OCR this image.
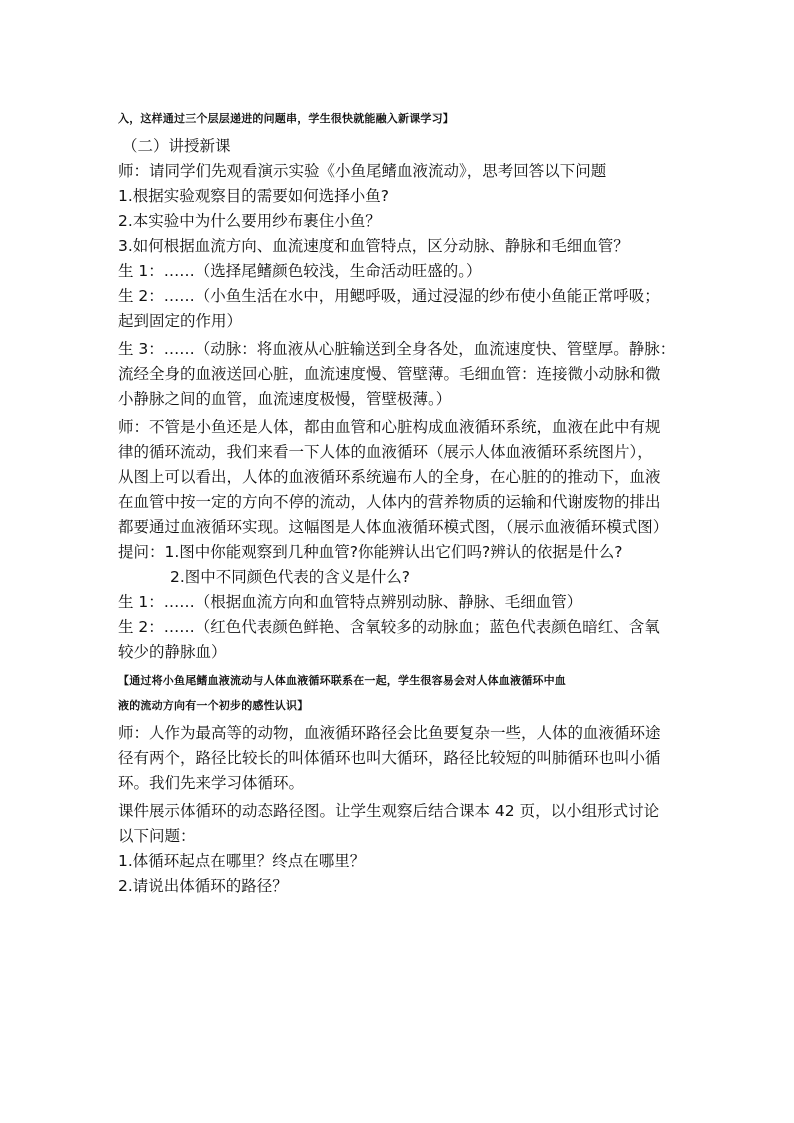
入，这样通过三个层层递进的问题串，学生很快就能融入新课学习】
（二）讲授新课
师：请同学们先观看演示实验《小鱼尾鳍血液流动》，思考回答以下问题
1.根据实验观察目的需要如何选择小鱼?
2.本实验中为什么要用纱布裹住小鱼？
3.如何根据血流方向、血流速度和血管特点，区分动脉、静脉和毛细血管？
生 1：……（选择尾鳍颜色较浅，生命活动旺盛的。）
生 2：……（小鱼生活在水中，用鳃呼吸，通过浸湿的纱布使小鱼能正常呼吸；
起到固定的作用）
生 3：……（动脉：将血液从心脏输送到全身各处，血流速度快、管壁厚。静脉：
流经全身的血液送回心脏，血流速度慢、管壁薄。毛细血管：连接微小动脉和微
小静脉之间的血管，血流速度极慢，管壁极薄。）
师：不管是小鱼还是人体，都由血管和心脏构成血液循环系统，血液在此中有规
律的循环流动，我们来看一下人体的血液循环（展示人体血液循环系统图片），
从图上可以看出，人体的血液循环系统遍布人的全身，在心脏的的推动下，血液
在血管中按一定的方向不停的流动，人体内的营养物质的运输和代谢废物的排出
都要通过血液循环实现。这幅图是人体血液循环模式图，（展示血液循环模式图）
提问：1.图中你能观察到几种血管?你能辨认出它们吗?辨认的依据是什么?
2.图中不同颜色代表的含义是什么?
生 1：……（根据血流方向和血管特点辨别动脉、静脉、毛细血管）
生 2：……（红色代表颜色鲜艳、含氧较多的动脉血；蓝色代表颜色暗红、含氧
较少的静脉血）
【通过将小鱼尾鳍血液流动与人体血液循环联系在一起，学生很容易会对人体血液循环中血
液的流动方向有一个初步的感性认识】
师：人作为最高等的动物，血液循环路径会比鱼要复杂一些，人体的血液循环途
径有两个，路径比较长的叫体循环也叫大循环，路径比较短的叫肺循环也叫小循
环。我们先来学习体循环。
课件展示体循环的动态路径图。让学生观察后结合课本 42 页，以小组形式讨论
以下问题：
1.体循环起点在哪里？终点在哪里？
2.请说出体循环的路径？
